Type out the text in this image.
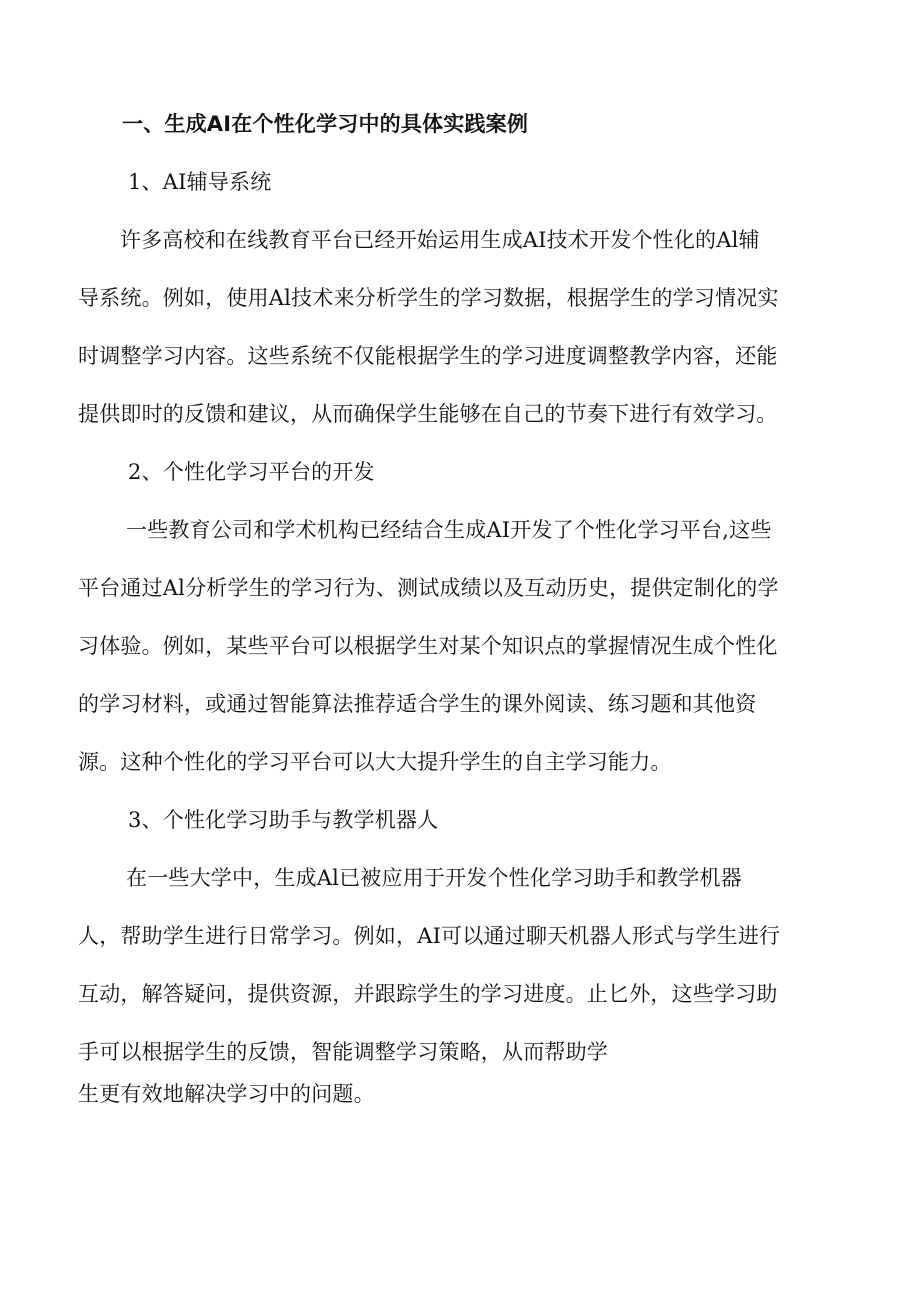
一、生成AI在个性化学习中的具体实践案例
1、AI辅导系统
许多高校和在线教育平台已经开始运用生成AI技术开发个性化的Al辅
导系统。例如，使用Al技术来分析学生的学习数据，根据学生的学习情况实
时调整学习内容。这些系统不仅能根据学生的学习进度调整教学内容，还能
提供即时的反馈和建议，从而确保学生能够在自己的节奏下进行有效学习。
2、个性化学习平台的开发
一些教育公司和学术机构已经结合生成AI开发了个性化学习平台,这些
平台通过Al分析学生的学习行为、测试成绩以及互动历史，提供定制化的学
习体验。例如，某些平台可以根据学生对某个知识点的掌握情况生成个性化
的学习材料，或通过智能算法推荐适合学生的课外阅读、练习题和其他资
源。这种个性化的学习平台可以大大提升学生的自主学习能力。
3、个性化学习助手与教学机器人
在一些大学中，生成Al已被应用于开发个性化学习助手和教学机器
人，帮助学生进行日常学习。例如，AI可以通过聊天机器人形式与学生进行
互动，解答疑问，提供资源，并跟踪学生的学习进度。止匕外，这些学习助
手可以根据学生的反馈，智能调整学习策略，从而帮助学
生更有效地解决学习中的问题。
